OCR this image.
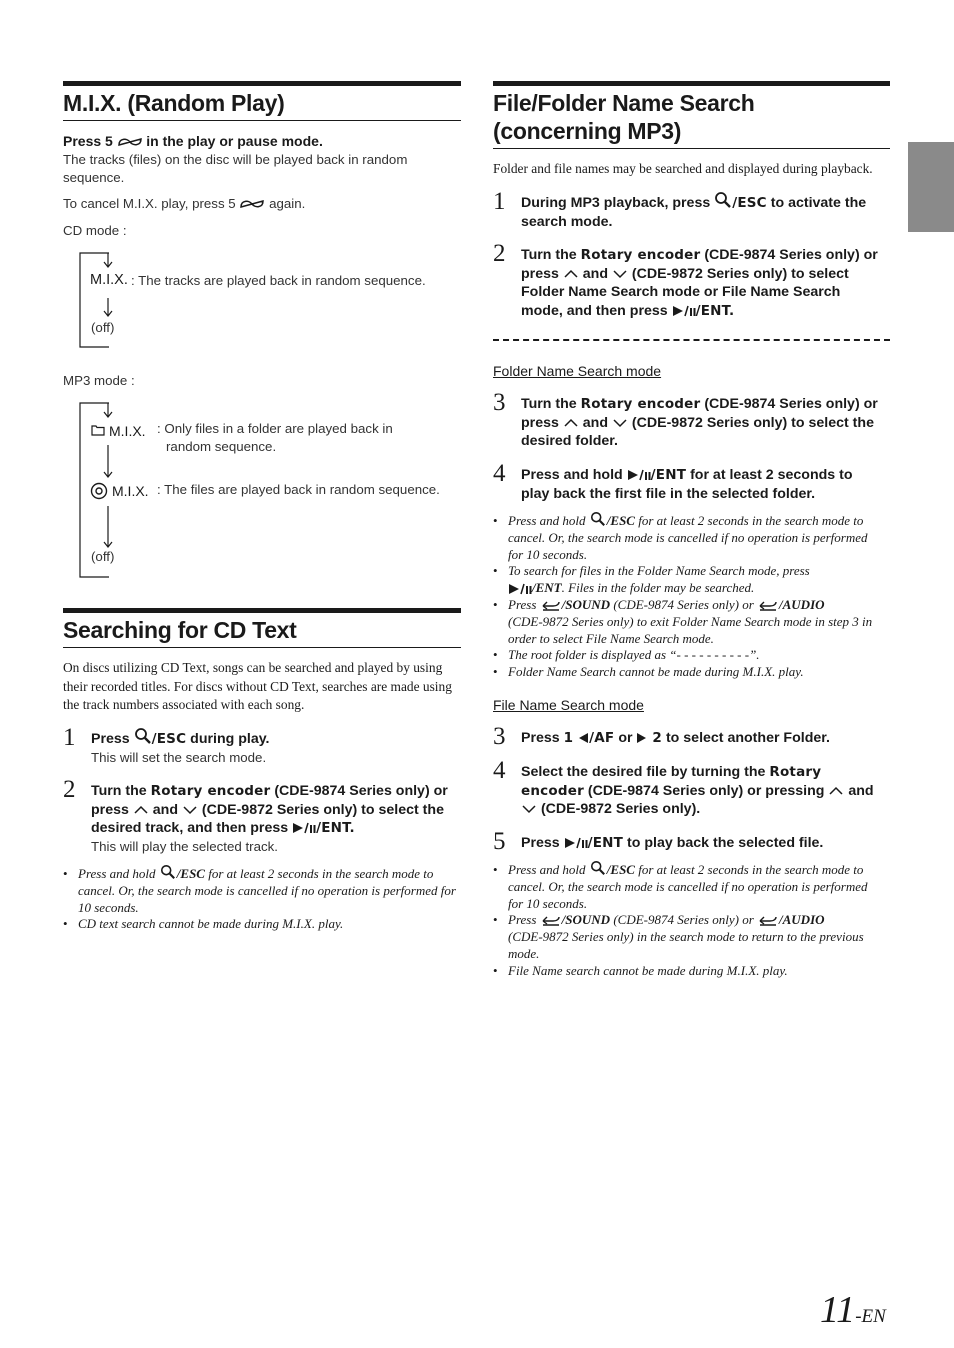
M.I.X. (Random Play)
Press 5 in the play or pause mode.
The tracks (files) on the disc will be played back in random sequence.
To cancel M.I.X. play, press 5	again.
CD mode :
M.I.X. : The tracks are played back in random sequence.
(off)
MP3 mode :
M.I.X. : Only files in a folder are played back in
random sequence.
M.I.X. : The files are played back in random sequence.
(off)
Searching for CD Text
On discs utilizing CD Text, songs can be searched and played by using their recorded titles. For discs without CD Text, searches are made using the track numbers associated with each song.
1 Press /ESC during play.
This will set the search mode.
2 Turn the Rotary encoder (CDE-9874 Series only) or
press and (CDE-9872 Series only) to select the
desired track, and then press /ENT.
This will play the selected track.
• Press and hold /ESC for at least 2 seconds in the search mode to cancel. Or, the search mode is cancelled if no operation is performed for 10 seconds.
• CD text search cannot be made during M.I.X. play.
File/Folder Name Search
(concerning MP3)
Folder and file names may be searched and displayed during playback.
1 During MP3 playback, press /ESC to activate the
search mode.
2 Turn the Rotary encoder (CDE-9874 Series only) or
press and (CDE-9872 Series only) to select
Folder Name Search mode or File Name Search
mode, and then press /ENT.
Folder Name Search mode
3 Turn the Rotary encoder (CDE-9874 Series only) or
press and (CDE-9872 Series only) to select the
desired folder.
4 Press and hold /ENT for at least 2 seconds to
play back the first file in the selected folder.
• Press and hold /ESC for at least 2 seconds in the search mode to
cancel. Or, the search mode is cancelled if no operation is performed
for 10 seconds.
• To search for files in the Folder Name Search mode, press
/ENT. Files in the folder may be searched.
• Press /SOUND (CDE-9874 Series only) or /AUDIO
(CDE-9872 Series only) to exit Folder Name Search mode in step 3 in
order to select File Name Search mode.
• The root folder is displayed as “- - - - - - - - - -”.
• Folder Name Search cannot be made during M.I.X. play.
File Name Search mode
3 Press 1 /AF or 2 to select another Folder.
4 Select the desired file by turning the Rotary
encoder (CDE-9874 Series only) or pressing and
(CDE-9872 Series only).
5 Press /ENT to play back the selected file.
• Press and hold /ESC for at least 2 seconds in the search mode to
cancel. Or, the search mode is cancelled if no operation is performed
for 10 seconds.
• Press /SOUND (CDE-9874 Series only) or /AUDIO
(CDE-9872 Series only) in the search mode to return to the previous
mode.
• File Name search cannot be made during M.I.X. play.
11-EN
